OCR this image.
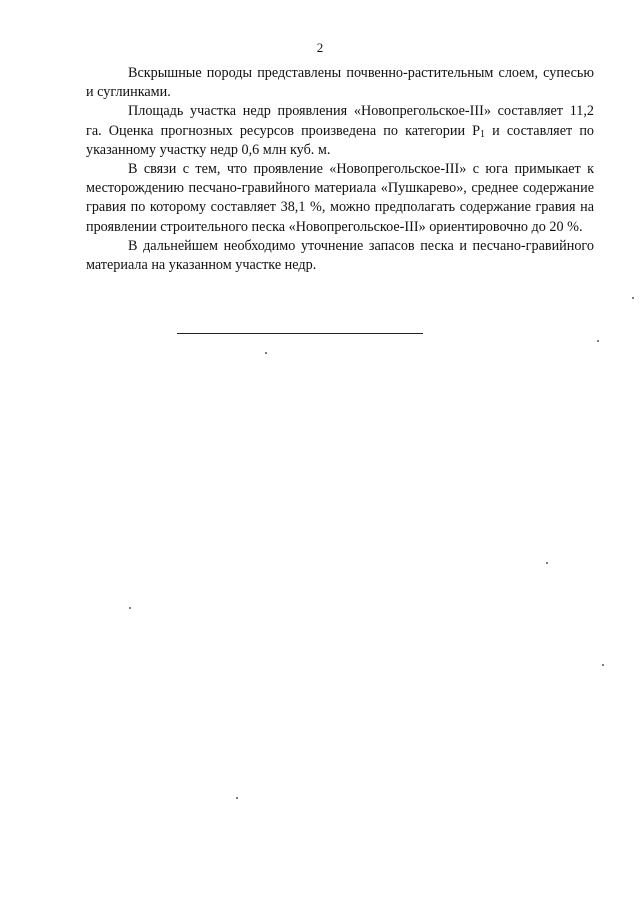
2

Вскрышные породы представлены почвенно-растительным слоем, супесью и суглинками.

Площадь участка недр проявления «Новопрегольское-III» составляет 11,2 га. Оценка прогнозных ресурсов произведена по категории $Р_1$ и составляет по указанному участку недр 0,6 млн куб. м.

В связи с тем, что проявление «Новопрегольское-III» с юга примыкает к месторождению песчано-гравийного материала «Пушкарево», среднее содержание гравия по которому составляет 38,1 %, можно предполагать содержание гравия на проявлении строительного песка «Новопрегольское-III» ориентировочно до 20 %.

В дальнейшем необходимо уточнение запасов песка и песчано-гравийного материала на указанном участке недр.
